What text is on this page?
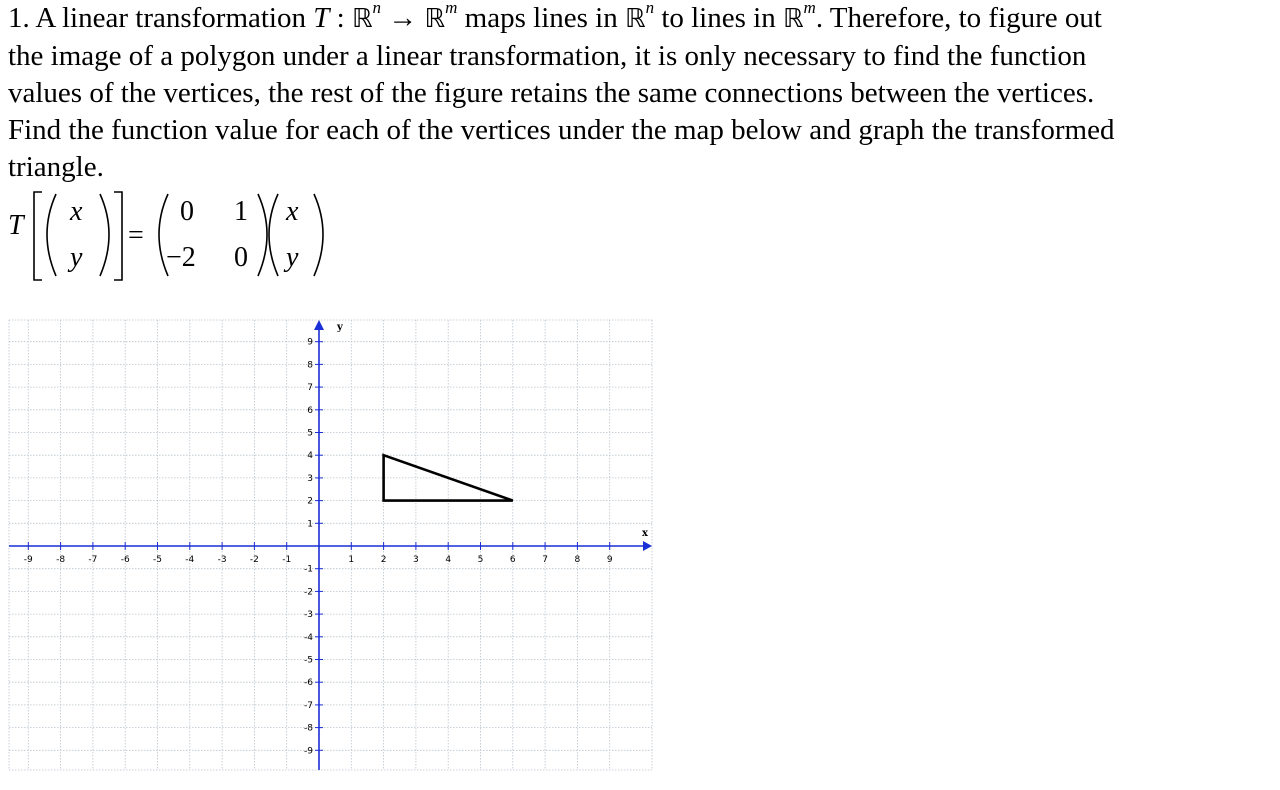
1. A linear transformation T : ℝ$^n$ → ℝ$^m$ maps lines in ℝ$^n$ to lines in ℝ$^m$. Therefore, to figure out
the image of a polygon under a linear transformation, it is only necessary to find the function
values of the vertices, the rest of the figure retains the same connections between the vertices.
Find the function value for each of the vertices under the map below and graph the transformed
triangle.
T x
y
=
0 1
−2 0
x
y
-9	-8	-7	-6	-5	-4	-3	-2	-1	1	2	3	4	5	6	7	8	9
9
8
7
6
5
4
3
2
1
-1
-2
-3
-4
-5
-6
-7
-8
-9
x
y
